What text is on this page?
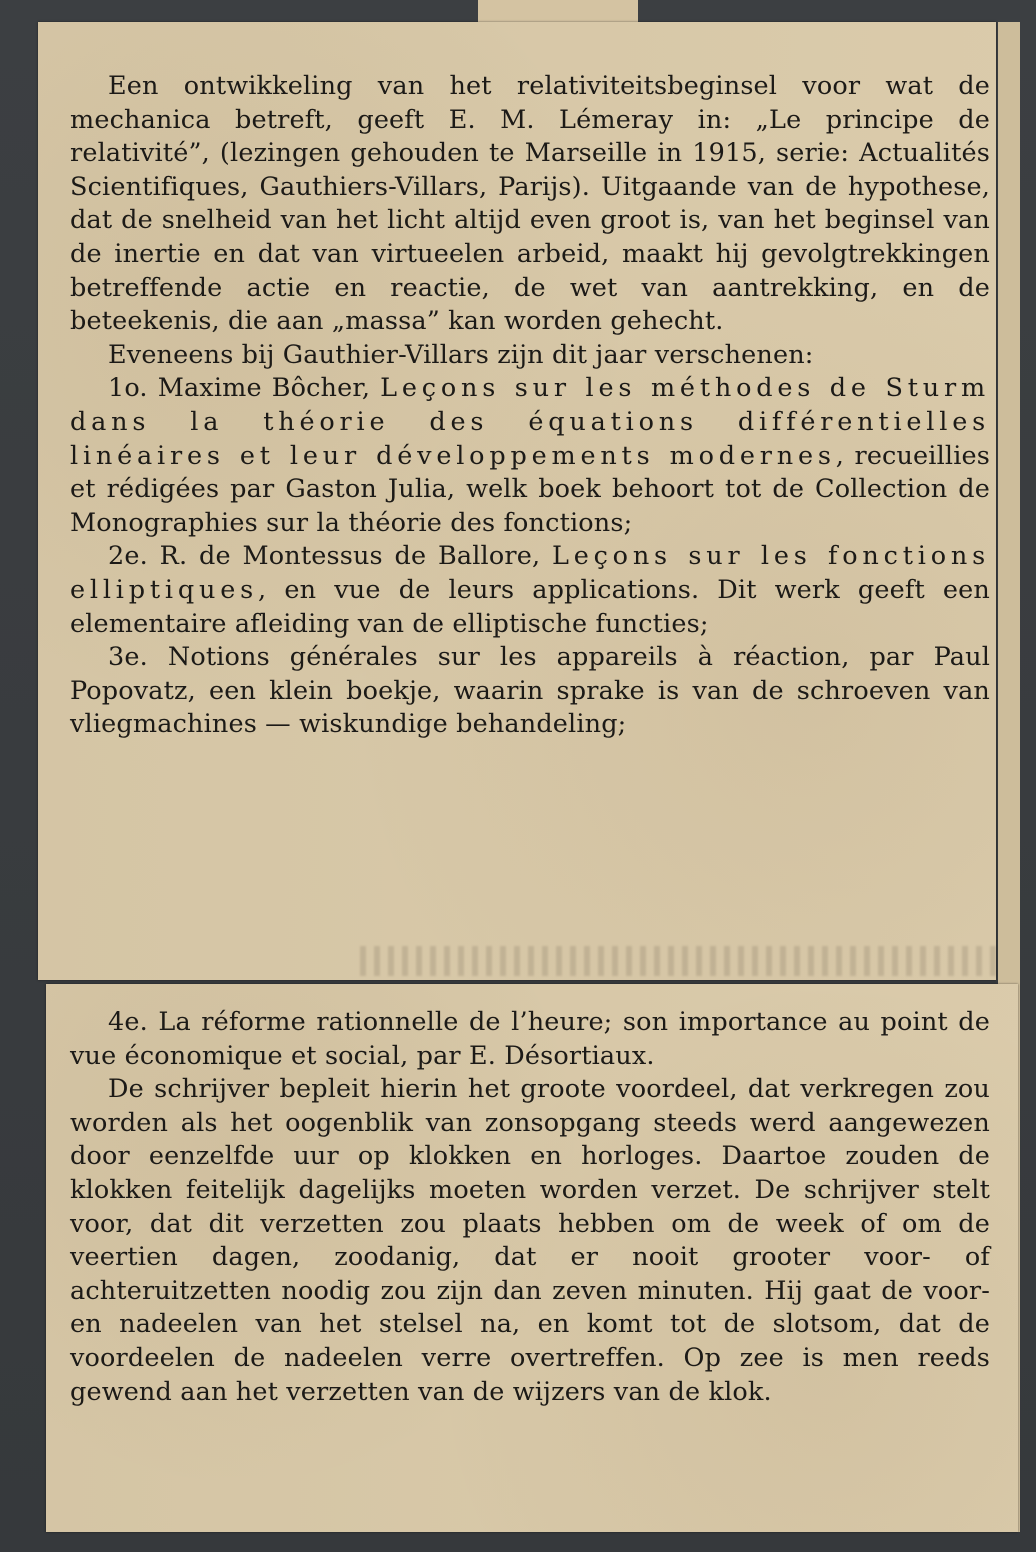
Een ontwikkeling van het relativiteitsbeginsel voor wat de mechanica betreft, geeft E. M. Lémeray in: „Le principe de relativité”, (lezingen gehouden te Marseille in 1915, serie: Actualités Scientifiques, Gauthiers-Villars, Parijs). Uitgaande van de hypothese, dat de snelheid van het licht altijd even groot is, van het beginsel van de inertie en dat van virtueelen arbeid, maakt hij gevolgtrekkingen betreffende actie en reactie, de wet van aantrekking, en de beteekenis, die aan „massa” kan worden gehecht.

Eveneens bij Gauthier-Villars zijn dit jaar verschenen:

1o. Maxime Bôcher, Leçons sur les méthodes de Sturm dans la théorie des équations différentielles linéaires et leur développements modernes, recueillies et rédigées par Gaston Julia, welk boek behoort tot de Collection de Monographies sur la théorie des fonctions;

2e. R. de Montessus de Ballore, Leçons sur les fonctions elliptiques, en vue de leurs applications. Dit werk geeft een elementaire afleiding van de elliptische functies;

3e. Notions générales sur les appareils à réaction, par Paul Popovatz, een klein boekje, waarin sprake is van de schroeven van vliegmachines — wiskundige behandeling;

4e. La réforme rationnelle de l’heure; son importance au point de vue économique et social, par E. Désortiaux.

De schrijver bepleit hierin het groote voordeel, dat verkregen zou worden als het oogenblik van zonsopgang steeds werd aangewezen door eenzelfde uur op klokken en horloges. Daartoe zouden de klokken feitelijk dagelijks moeten worden verzet. De schrijver stelt voor, dat dit verzetten zou plaats hebben om de week of om de veertien dagen, zoodanig, dat er nooit grooter voor- of achteruitzetten noodig zou zijn dan zeven minuten. Hij gaat de voor- en nadeelen van het stelsel na, en komt tot de slotsom, dat de voordeelen de nadeelen verre overtreffen. Op zee is men reeds gewend aan het verzetten van de wijzers van de klok.
